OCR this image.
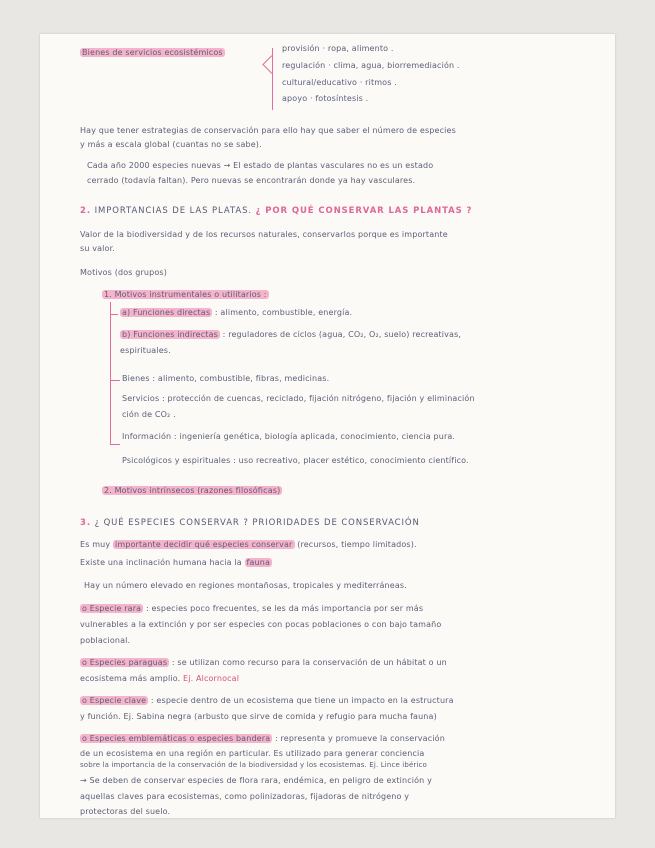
Bienes de servicios ecosistémicos	provisión · ropa, alimento .
regulación · clima, agua, biorremediación .
cultural/educativo · ritmos .
apoyo · fotosíntesis .
Hay que tener estrategias de conservación para ello hay que saber el número de especies
y más a escala global (cuantas no se sabe).
Cada año 2000 especies nuevas → El estado de plantas vasculares no es un estado
cerrado (todavía faltan). Pero nuevas se encontrarán donde ya hay vasculares.
2. IMPORTANCIAS DE LAS PLATAS. ¿ POR QUÉ CONSERVAR LAS PLANTAS ?
Valor de la biodiversidad y de los recursos naturales, conservarlos porque es importante
su valor.
Motivos (dos grupos)
1. Motivos instrumentales o utilitarios :
a) Funciones directas : alimento, combustible, energía.
b) Funciones indirectas : reguladores de ciclos (agua, CO₂, O₂, suelo) recreativas,
espirituales.
Bienes : alimento, combustible, fibras, medicinas.
Servicios : protección de cuencas, reciclado, fijación nitrógeno, fijación y eliminación
ción de CO₂ .
Información : ingeniería genética, biología aplicada, conocimiento, ciencia pura.
Psicológicos y espirituales : uso recreativo, placer estético, conocimiento científico.
2. Motivos intrínsecos (razones filosóficas)
3. ¿ QUÉ ESPECIES CONSERVAR ? PRIORIDADES DE CONSERVACIÓN
Es muy importante decidir qué especies conservar (recursos, tiempo limitados).
Existe una inclinación humana hacia la fauna
Hay un número elevado en regiones montañosas, tropicales y mediterráneas.
o Especie rara : especies poco frecuentes, se les da más importancia por ser más
vulnerables a la extinción y por ser especies con pocas poblaciones o con bajo tamaño
poblacional.
o Especies paraguas : se utilizan como recurso para la conservación de un hábitat o un
ecosistema más amplio. Ej. Alcornocal
o Especie clave : especie dentro de un ecosistema que tiene un impacto en la estructura
y función. Ej. Sabina negra (arbusto que sirve de comida y refugio para mucha fauna)
o Especies emblemáticas o especies bandera : representa y promueve la conservación
de un ecosistema en una región en particular. Es utilizado para generar conciencia
sobre la importancia de la conservación de la biodiversidad y los ecosistemas. Ej. Lince ibérico
→ Se deben de conservar especies de flora rara, endémica, en peligro de extinción y
aquellas claves para ecosistemas, como polinizadoras, fijadoras de nitrógeno y
protectoras del suelo.
